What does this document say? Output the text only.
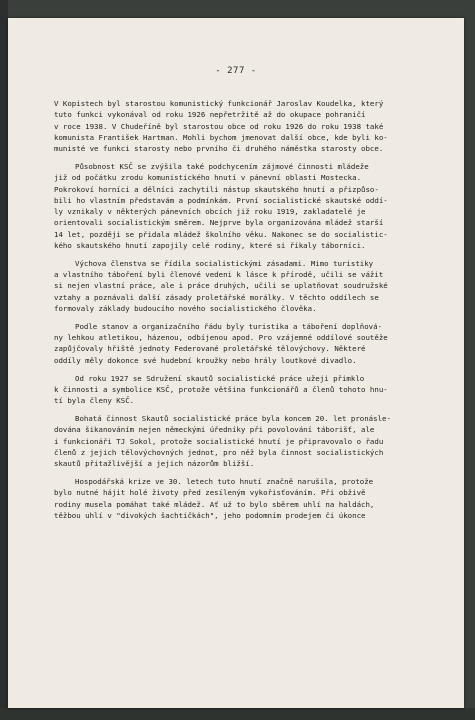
- 277 -

V Kopistech byl starostou komunistický funkcionář Jaroslav Koudelka, který
tuto funkci vykonával od roku 1926 nepřetržitě až do okupace pohraničí
v roce 1938. V Chudeříně byl starostou obce od roku 1926 do roku 1938 také
komunista František Hartman. Mohli bychom jmenovat další obce, kde byli ko-
munisté ve funkci starosty nebo prvního či druhého náměstka starosty obce.

Působnost KSČ se zvýšila také podchycením zájmové činnosti mládeže
již od počátku zrodu komunistického hnutí v pánevní oblasti Mostecka.
Pokrokoví horníci a dělníci zachytili nástup skautského hnutí a přizpůso-
bili ho vlastním představám a podmínkám. První socialistické skautské oddí-
ly vznikaly v některých pánevních obcích již roku 1919, zakladatelé je
orientovali socialistickým směrem. Nejprve byla organizována mládež starší
14 let, později se přidala mládež školního věku. Nakonec se do socialistic-
kého skautského hnutí zapojily celé rodiny, které si říkaly táborníci.

Výchova členstva se řídila socialistickými zásadami. Mimo turistiky
a vlastního táboření byli členové vedeni k lásce k přírodě, učili se vážit
si nejen vlastní práce, ale i práce druhých, učili se uplatňovat soudružské
vztahy a poznávali další zásady proletářské morálky. V těchto oddílech se
formovaly základy budoucího nového socialistického člověka.

Podle stanov a organizačního řádu byly turistika a táboření doplňová-
ny lehkou atletikou, házenou, odbíjenou apod. Pro vzájemné oddílové soutěže
zapůjčovaly hřiště jednoty Federované proletářské tělovýchovy. Některé
oddíly měly dokonce své hudební kroužky nebo hrály loutkové divadlo.

Od roku 1927 se Sdružení skautů socialistické práce užeji přimklo
k činnosti a symbolice KSČ, protože většina funkcionářů a členů tohoto hnu-
tí byla členy KSČ.

Bohatá činnost Skautů socialistické práce byla koncem 20. let pronásle-
dována šikanováním nejen německými úředníky při povolování táborišť, ale
i funkcionáři TJ Sokol, protože socialistické hnutí je připravovalo o řadu
členů z jejich tělovýchovných jednot, pro něž byla činnost socialistických
skautů přitažlivější a jejich názorům bližší.

Hospodářská krize ve 30. letech tuto hnutí značně narušila, protože
bylo nutné hájit holé životy před zesíleným vykořisťováním. Při obživě
rodiny musela pomáhat také mládež. Ať už to bylo sběrem uhlí na haldách,
těžbou uhlí v "divokých šachtičkách", jeho podomním prodejem či úkonce
